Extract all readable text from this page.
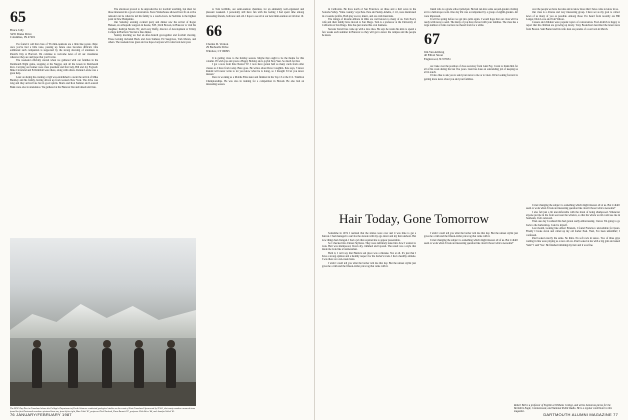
65
Bruce Jolly
3435 Drake Drive
Columbus, IN 47201

I've found it odd that class of '65 mini-reunions are a little like potato chips: once you've had a little taste, passing up future ones becomes difficult. One additional such companion is supported by the strong showing of attendees to Parent's Day at Harvard. We continue to welcome news of all our classmates wherever they are and hope that you'll write.

The weekend officially started when we gathered with our families in the Dartmouth Night game, stopping at the Nugget, and all the Green in Dartmouth Row. Carrying our banner were class president and first lady, Bill and Joy Fogwell. Mike Cleveland and Ed Kimball were there, along with others. Ronnie Lalone was a great help.

Later on during the evening a vigil was established to await the arrival of Mike Buckley and his family, having driven up from western New York. The drive was long and they arrived late but in good spirits. Marta and Ron Sumner and Leonard Bank were also in attendance. We gathered at the Hanover Inn and talked until late.

The afternoon proved to be unproductive for football watching, but ideal for those interested in a good conversation. Steve Watterhouse showed how fit an active remodel can be when he led his family to a touch-down. Al Stebbins is the highest point in New Hampshire.

Our Saturday evening cocktail party and dinner saw the arrival of Roger Hansen, an orthopedic surgeon in Keene, N.H.; Rich Bowen, in Hanover to visit his daughter; Kathryn Morris '81; and Larry Duffy, director of development at Trinity College in Hartford. We had a fine dinner.

Sunday morning we had an after-brunch get-together and football viewing. Those leaving included Buck and Joan Sumner, Ed Seagraves, Tom Moran, and others. The weekend was great and we hope everyone will come back next year.

to Tom Griffiths, our semi-reunion chairman, for an eminently well-organized and pleasant weekend. I personally still have fun with the feeling I had spent time among interesting friends, both new and old. I hope to see all at our next mini-reunion on October 10.

66
Charles D. Vernon
29 Bedwells Drive
Windsor, CT 06095

It is getting close to the holiday season. Maybe that ought to be the theme for this column. I'll wish you and yours a Happy Holiday and a joyful New Year. So much for that.

I got a note from Pete Nestad '67. I now have gotten half as many cards from older classes as I have from today. Here goes. He writes about Dave Coughlin. Pete says, 'I know Randal will never write to let you know what he is doing, so I thought I'd let you know instead.'

Dave is working as a Mobile Elite skier and finished in the Top 13 at the U.S. Triathlon Championships. He was also in training for a competition in Hawaii. He also had an interesting season.

The DOC Ray Rice in Greenland where the College's Department of Earth Sciences conducted geological studies on the coast of East Greenland. Sponsored by NASA, the twenty-member research team found the first Dartmouth members pictured here are, from left to right, Max Cobb '87, professor Dick Naslund, Dave Barnett '87, professor Dick Briss '46, and Jennifer Walsh '81.
76 JANUARY/FEBRUARY 1987

in California. He lives north of San Francisco on three and a half acres in the Sonoma Valley. 'Wine country,' says Pete. Pete and Sunny Amelia, 2 1/2, were mentioned in a Gazette profile. Both play soccer, music, and are avid musicians.

The doings of Rosalie Ahbare in Ohio are well known to many of us. Tom Poor's wife and their family have moved to San Diego. Tom is a professor at the University of California at San Diego. Pete has just started his own business.

Stevens Terrell has come up with a nice idea. He says he wants his kids to spend a few weeks each summer in Hanover so they will get to know the campus and the people he knew.

friend who is a grade school principal. He had run into some second-graders visiting art in a heliotrope room. One day Pat was accompanied by a group of eighth-graders. All were impressed.

It will be spring before we get into print again. I would hope that our class will be ready with news to send. The many of you have moved with your families. The class has a large number of folks we have not heard from for a while.

67
Jim Van Ambrug
40 Elliott Street
Englewood, NJ 07631

As I take over the position of class secretary from Glen Fay, I want to thank him for all of his work during the last five years. Glen has done an outstanding job of keeping us all in touch.

I'd also like to ask you to send your news to me or to Glen. We're looking forward to getting more news about you and your families.

over the people we have become and to know more that I have come to know in us.

Our class is a diverse and very interesting group. I have set as my goal to collect news of as many of you as possible. Among those I've heard from recently are Bill Langer, Dick Lowe and Tom Wilson.

Careers and children were popular topics of conversation. Fred Aldrich is happy to report that his children are growing up nicely. Tony Bookchesl described the latest news from Boston. Sam Barnel and his wife Jean are parents of a son born in March.

Hair Today, Gone Tomorrow

Sometime in 1974 I realized that the sixties were over and it was time to get a haircut. I had managed to survive the decade with my ego intact and my hair unshorn. But now things had changed. I had a job that required me to appear presentable.

So I checked into Unisex Stylistes. They were definitely tuned into how I wanted to look. Hair was shampooed, blown dry, trimmed and layered. The result was a style that made me look like a businessman.

Hold it, I can't say that Hanna's sad place was a mistake. Not at all. It's just that I have a strong opinion and a healthy respect for the barber's trade. I had a healthy attitude. I was there on a ten-week basis.

I wish I could tell you what the barber told me that day. But the unisex stylist just gave me a trim and the fifteen-dollar price tag that came with it.

I wish I could tell you what the barber told me that day. But the unisex stylist just gave me a trim and the fifteen-dollar price tag that came with it.

I tried changing the subject to something which might interest all of us. But it didn't seem to work when I'd ask an interesting question like 'Aren't those Celtics awesome?'

I tried changing the subject to something which might interest all of us. But it didn't seem to work when I'd ask an interesting question like 'Aren't those Celtics awesome?'

I also felt just a bit uncomfortable with the ritual of being shampooed. Whenever anyone put me in the front seat near the window, so that the whole world could see me in Sunbeam, I felt awkward.

Then one day I realized this had gotten really embarrassing. I know I'm going to go back to the barbershop, I said to myself.

Last month, looking like Albert Einstein, I found Francisco unavailable for hours. Finally I broke down and called up my old barber Paul. 'Paul, I've been unfaithful,' I confessed.

Paul looked exactly the same. No hints. No soft rock in stereo. Two of three guys waiting in line were playing as a new old era. Paul looked at me with a big grin and asked 'Sam?' I said 'Yes.' He finished trimming my hair and it was fine.

Robert Bell is a professor of English at Williams College, and writes humorous pieces for the Berkshire Eagle, Commonweal, and National Public Radio. He is a regular contributor to this magazine.
DARTMOUTH ALUMNI MAGAZINE 77
